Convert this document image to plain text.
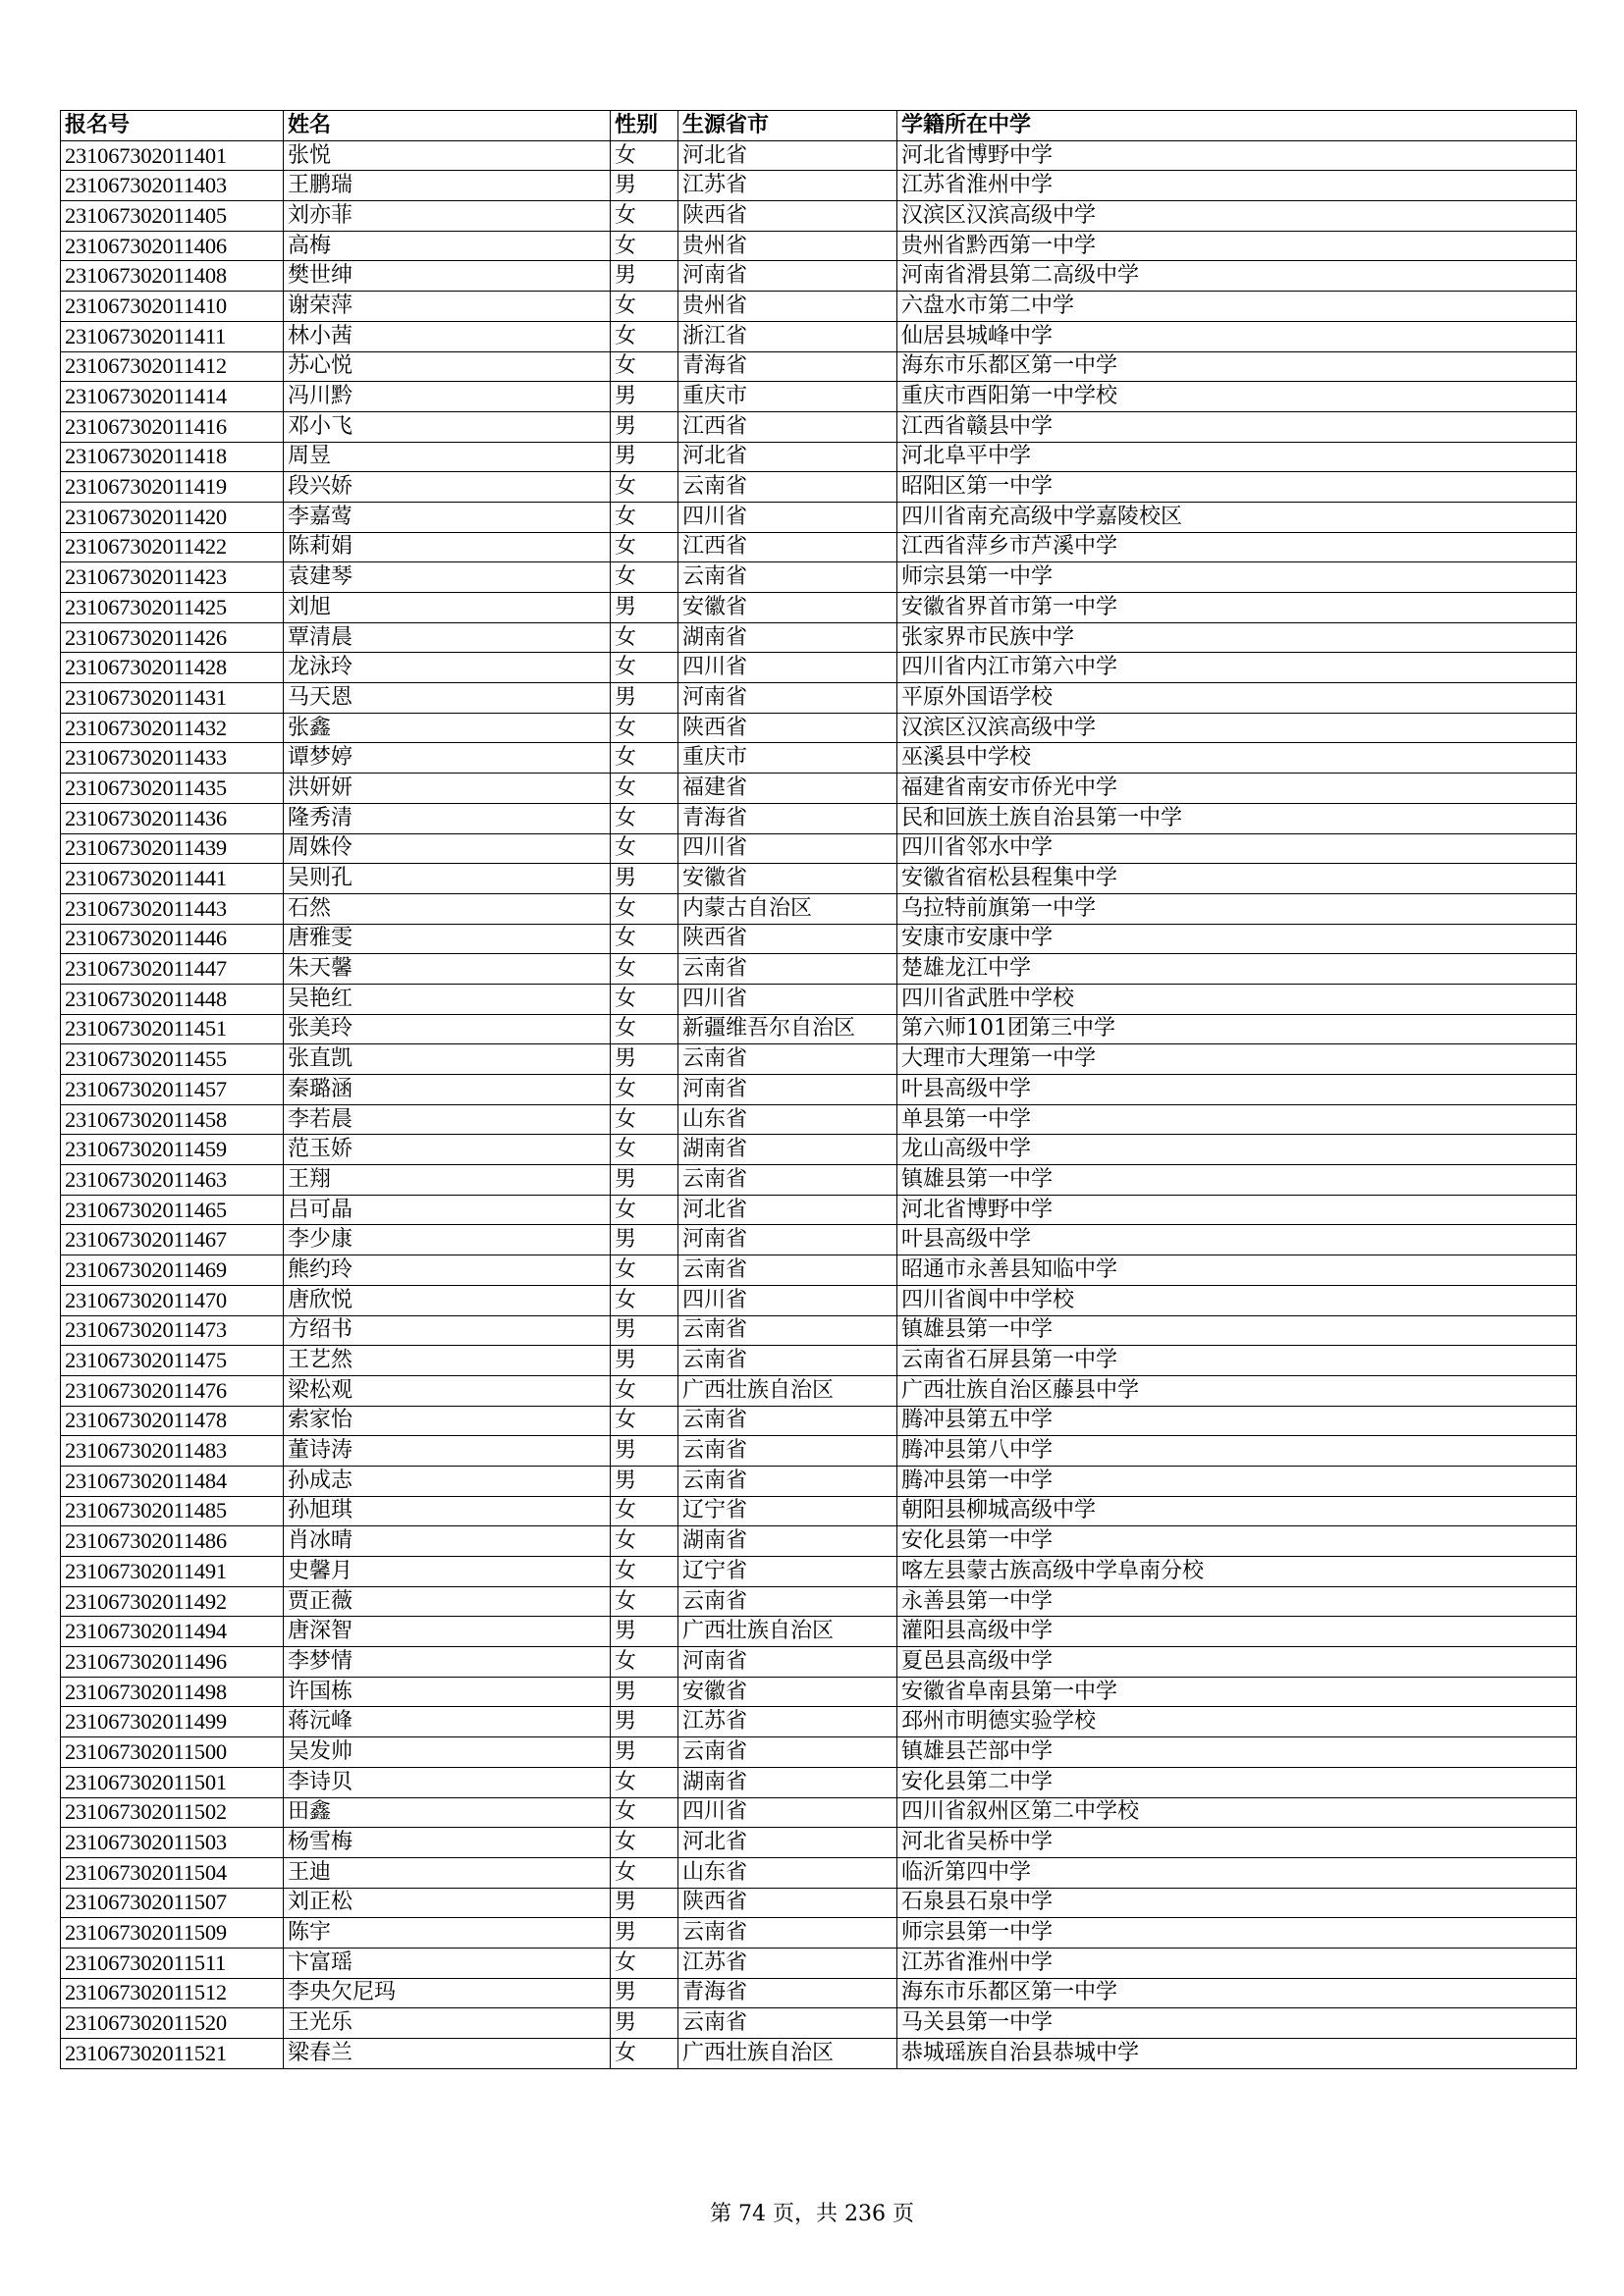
报名号	姓名	性别	生源省市	学籍所在中学
231067302011401	张悦	女	河北省	河北省博野中学
231067302011403	王鹏瑞	男	江苏省	江苏省淮州中学
231067302011405	刘亦菲	女	陕西省	汉滨区汉滨高级中学
231067302011406	高梅	女	贵州省	贵州省黔西第一中学
231067302011408	樊世绅	男	河南省	河南省滑县第二高级中学
231067302011410	谢荣萍	女	贵州省	六盘水市第二中学
231067302011411	林小茜	女	浙江省	仙居县城峰中学
231067302011412	苏心悦	女	青海省	海东市乐都区第一中学
231067302011414	冯川黔	男	重庆市	重庆市酉阳第一中学校
231067302011416	邓小飞	男	江西省	江西省赣县中学
231067302011418	周昱	男	河北省	河北阜平中学
231067302011419	段兴娇	女	云南省	昭阳区第一中学
231067302011420	李嘉莺	女	四川省	四川省南充高级中学嘉陵校区
231067302011422	陈莉娟	女	江西省	江西省萍乡市芦溪中学
231067302011423	袁建琴	女	云南省	师宗县第一中学
231067302011425	刘旭	男	安徽省	安徽省界首市第一中学
231067302011426	覃清晨	女	湖南省	张家界市民族中学
231067302011428	龙泳玲	女	四川省	四川省内江市第六中学
231067302011431	马天恩	男	河南省	平原外国语学校
231067302011432	张鑫	女	陕西省	汉滨区汉滨高级中学
231067302011433	谭梦婷	女	重庆市	巫溪县中学校
231067302011435	洪妍妍	女	福建省	福建省南安市侨光中学
231067302011436	隆秀清	女	青海省	民和回族土族自治县第一中学
231067302011439	周姝伶	女	四川省	四川省邻水中学
231067302011441	吴则孔	男	安徽省	安徽省宿松县程集中学
231067302011443	石然	女	内蒙古自治区	乌拉特前旗第一中学
231067302011446	唐雅雯	女	陕西省	安康市安康中学
231067302011447	朱天馨	女	云南省	楚雄龙江中学
231067302011448	吴艳红	女	四川省	四川省武胜中学校
231067302011451	张美玲	女	新疆维吾尔自治区	第六师101团第三中学
231067302011455	张直凯	男	云南省	大理市大理第一中学
231067302011457	秦璐涵	女	河南省	叶县高级中学
231067302011458	李若晨	女	山东省	单县第一中学
231067302011459	范玉娇	女	湖南省	龙山高级中学
231067302011463	王翔	男	云南省	镇雄县第一中学
231067302011465	吕可晶	女	河北省	河北省博野中学
231067302011467	李少康	男	河南省	叶县高级中学
231067302011469	熊约玲	女	云南省	昭通市永善县知临中学
231067302011470	唐欣悦	女	四川省	四川省阆中中学校
231067302011473	方绍书	男	云南省	镇雄县第一中学
231067302011475	王艺然	男	云南省	云南省石屏县第一中学
231067302011476	梁松观	女	广西壮族自治区	广西壮族自治区藤县中学
231067302011478	索家怡	女	云南省	腾冲县第五中学
231067302011483	董诗涛	男	云南省	腾冲县第八中学
231067302011484	孙成志	男	云南省	腾冲县第一中学
231067302011485	孙旭琪	女	辽宁省	朝阳县柳城高级中学
231067302011486	肖冰晴	女	湖南省	安化县第一中学
231067302011491	史馨月	女	辽宁省	喀左县蒙古族高级中学阜南分校
231067302011492	贾正薇	女	云南省	永善县第一中学
231067302011494	唐深智	男	广西壮族自治区	灌阳县高级中学
231067302011496	李梦情	女	河南省	夏邑县高级中学
231067302011498	许国栋	男	安徽省	安徽省阜南县第一中学
231067302011499	蒋沅峰	男	江苏省	邳州市明德实验学校
231067302011500	吴发帅	男	云南省	镇雄县芒部中学
231067302011501	李诗贝	女	湖南省	安化县第二中学
231067302011502	田鑫	女	四川省	四川省叙州区第二中学校
231067302011503	杨雪梅	女	河北省	河北省吴桥中学
231067302011504	王迪	女	山东省	临沂第四中学
231067302011507	刘正松	男	陕西省	石泉县石泉中学
231067302011509	陈宇	男	云南省	师宗县第一中学
231067302011511	卞富瑶	女	江苏省	江苏省淮州中学
231067302011512	李央欠尼玛	男	青海省	海东市乐都区第一中学
231067302011520	王光乐	男	云南省	马关县第一中学
231067302011521	梁春兰	女	广西壮族自治区	恭城瑶族自治县恭城中学
第 74 页，共 236 页
